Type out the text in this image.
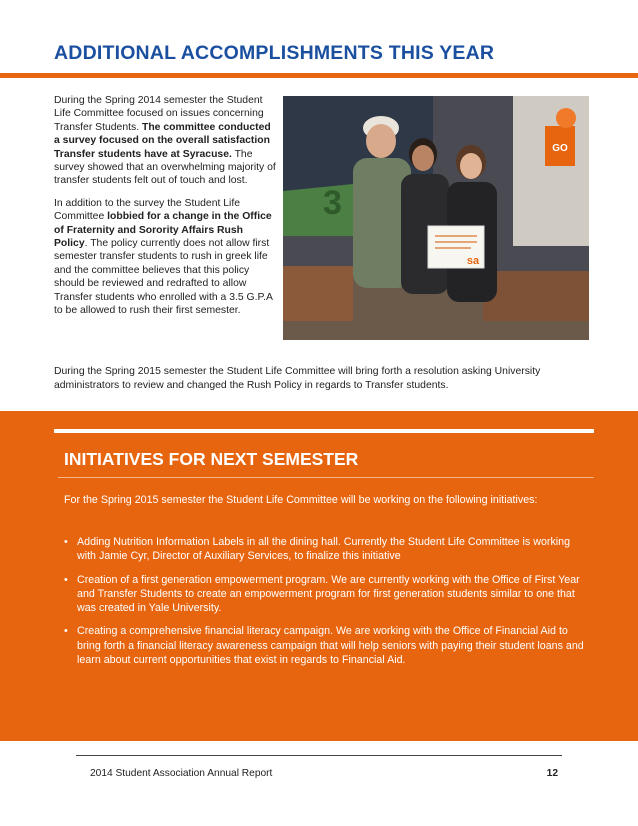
ADDITIONAL ACCOMPLISHMENTS THIS YEAR

During the Spring 2014 semester the Student Life Committee focused on issues concerning Transfer Students. The committee conducted a survey focused on the overall satisfaction Transfer students have at Syracuse. The survey showed that an overwhelming majority of transfer students felt out of touch and lost.

In addition to the survey the Student Life Committee lobbied for a change in the Office of Fraternity and Sorority Affairs Rush Policy. The policy currently does not allow first semester transfer students to rush in greek life and the committee believes that this policy should be reviewed and redrafted to allow Transfer students who enrolled with a 3.5 G.P.A to be allowed to rush their first semester.

GO
3
sa

During the Spring 2015 semester the Student Life Committee will bring forth a resolution asking University administrators to review and changed the Rush Policy in regards to Transfer students.

INITIATIVES FOR NEXT SEMESTER

For the Spring 2015 semester the Student Life Committee will be working on the following initiatives:

• Adding Nutrition Information Labels in all the dining hall. Currently the Student Life Committee is working with Jamie Cyr, Director of Auxiliary Services, to finalize this initiative
• Creation of a first generation empowerment program. We are currently working with the Office of First Year and Transfer Students to create an empowerment program for first generation students similar to one that was created in Yale University.
• Creating a comprehensive financial literacy campaign. We are working with the Office of Financial Aid to bring forth a financial literacy awareness campaign that will help seniors with paying their student loans and learn about current opportunities that exist in regards to Financial Aid.
2014 Student Association Annual Report	12
